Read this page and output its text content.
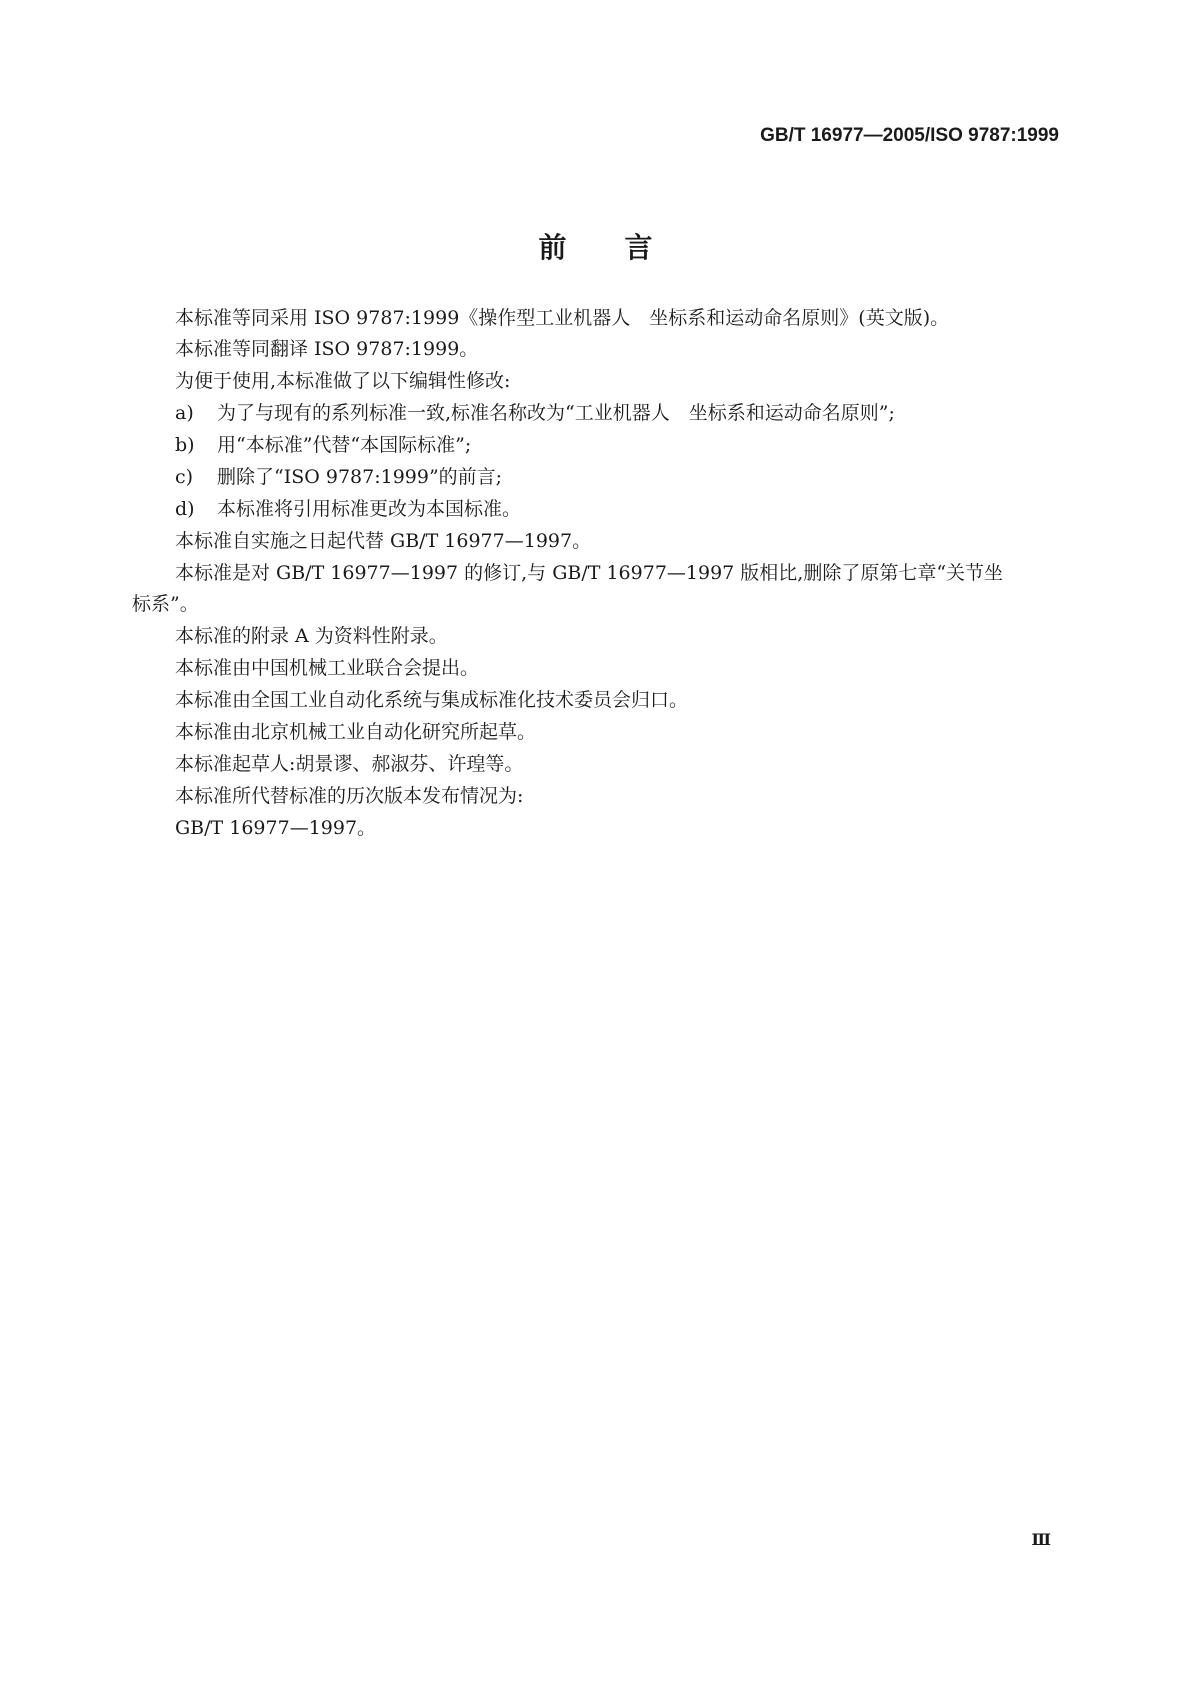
GB/T 16977—2005/ISO 9787:1999
前言
本标准等同采用 ISO 9787:1999《操作型工业机器人　坐标系和运动命名原则》(英文版)。
本标准等同翻译 ISO 9787:1999。
为便于使用,本标准做了以下编辑性修改:
a) 为了与现有的系列标准一致,标准名称改为“工业机器人　坐标系和运动命名原则”;
b) 用“本标准”代替“本国际标准”;
c) 删除了“ISO 9787:1999”的前言;
d) 本标准将引用标准更改为本国标准。
本标准自实施之日起代替 GB/T 16977—1997。
本标准是对 GB/T 16977—1997 的修订,与 GB/T 16977—1997 版相比,删除了原第七章“关节坐
标系”。
本标准的附录 A 为资料性附录。
本标准由中国机械工业联合会提出。
本标准由全国工业自动化系统与集成标准化技术委员会归口。
本标准由北京机械工业自动化研究所起草。
本标准起草人:胡景谬、郝淑芬、许瑝等。
本标准所代替标准的历次版本发布情况为:
GB/T 16977—1997。
Ⅲ
